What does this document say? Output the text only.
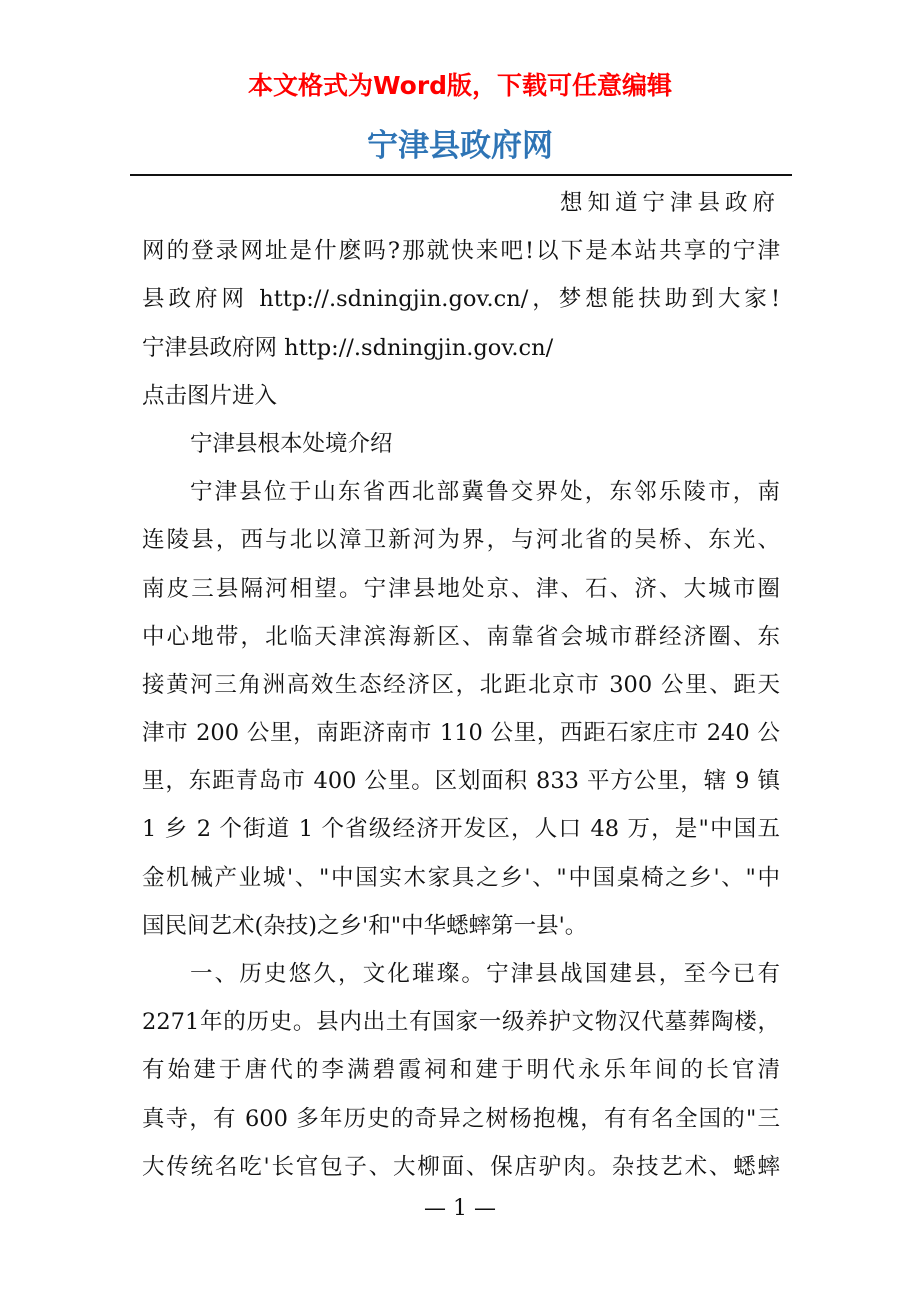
本文格式为Word版，下载可任意编辑
宁津县政府网
想知道宁津县政府
网的登录网址是什麽吗?那就快来吧!以下是本站共享的宁津
县政府网 http://.sdningjin.gov.cn/，梦想能扶助到大家!
宁津县政府网 http://.sdningjin.gov.cn/
点击图片进入
宁津县根本处境介绍
宁津县位于山东省西北部冀鲁交界处，东邻乐陵市，南
连陵县，西与北以漳卫新河为界，与河北省的吴桥、东光、
南皮三县隔河相望。宁津县地处京、津、石、济、大城市圈
中心地带，北临天津滨海新区、南靠省会城市群经济圈、东
接黄河三角洲高效生态经济区，北距北京市 300 公里、距天
津市 200 公里，南距济南市 110 公里，西距石家庄市 240 公
里，东距青岛市 400 公里。区划面积 833 平方公里，辖 9 镇
1 乡 2 个街道 1 个省级经济开发区，人口 48 万，是"中国五
金机械产业城'、"中国实木家具之乡'、"中国桌椅之乡'、"中
国民间艺术(杂技)之乡'和"中华蟋蟀第一县'。
一、历史悠久，文化璀璨。宁津县战国建县，至今已有
2271年的历史。县内出土有国家一级养护文物汉代墓葬陶楼，
有始建于唐代的李满碧霞祠和建于明代永乐年间的长官清
真寺，有 600 多年历史的奇异之树杨抱槐，有有名全国的"三
大传统名吃'长官包子、大柳面、保店驴肉。杂技艺术、蟋蟀
— 1 —
